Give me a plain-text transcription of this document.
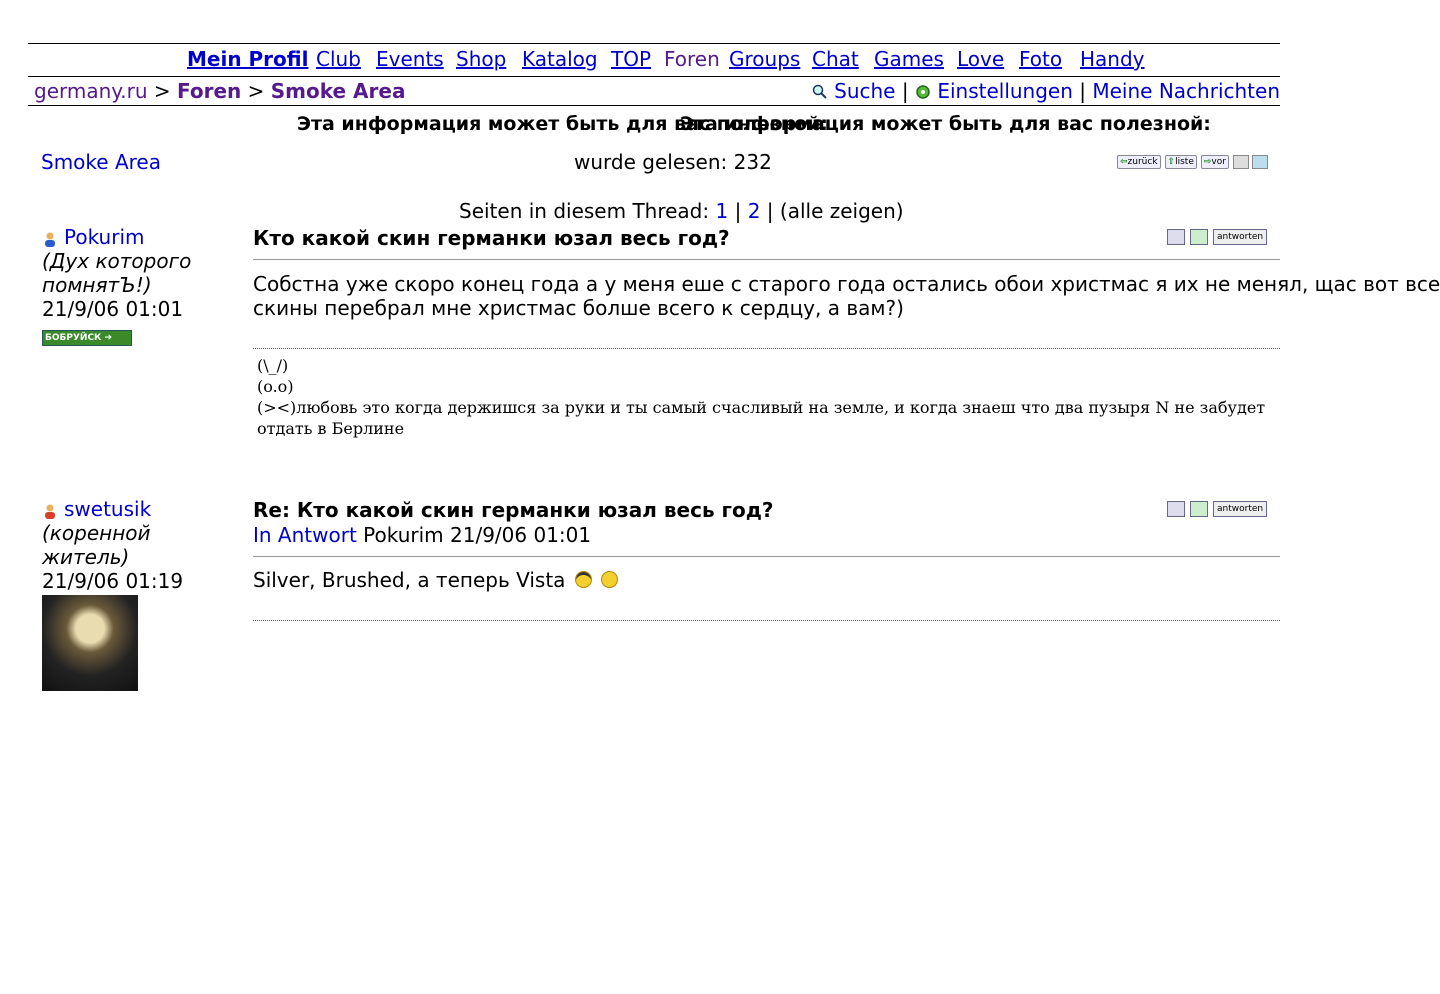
Mein Profil Club Events Shop Katalog TOP Foren Groups Chat Games Love Foto Handy
germany.ru > Foren > Smoke Area	Suche | Einstellungen | Meine Nachrichten
Эта информация может быть для вас полезной:
Эта информация может быть для вас полезной:
Smoke Area	wurde gelesen: 232	⇦zurück ⇧liste ⇨vor
Seiten in diesem Thread: 1 | 2 | (alle zeigen)
Pokurim
(Дух которого помнятЪ!)
21/9/06 01:01
БОБРУЙСК ➔
Кто какой скин германки юзал весь год?	antworten
Собстна уже скоро конец года а у меня еше с старого года остались обои христмас я их не менял, щас вот все
скины перебрал мне христмас болше всего к сердцу, а вам?)
(\_/)
(o.o)
(><)любовь это когда держишся за руки и ты самый счасливый на земле, и когда знаеш что два пузыря N не забудет отдать в Берлине
swetusik
(коренной житель)
21/9/06 01:19
Re: Кто какой скин германки юзал весь год?	antworten
In Antwort Pokurim 21/9/06 01:01
Silver, Brushed, а теперь Vista
